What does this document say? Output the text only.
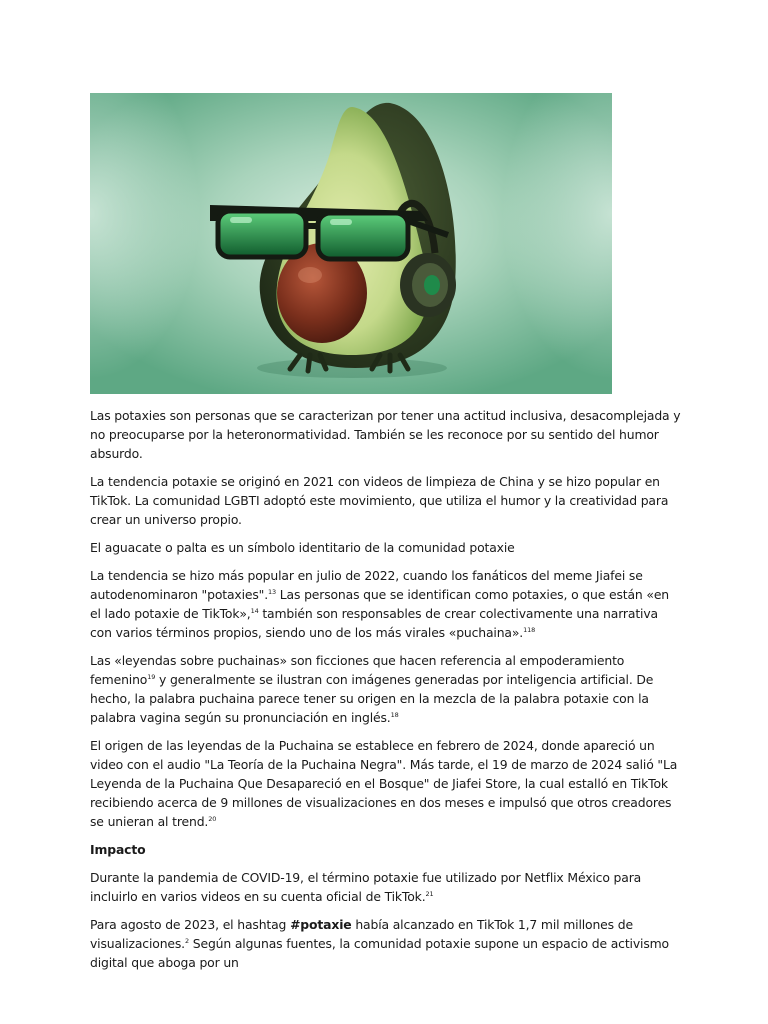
Las potaxies son personas que se caracterizan por tener una actitud inclusiva, desacomplejada y no preocuparse por la heteronormatividad. También se les reconoce por su sentido del humor absurdo.

La tendencia potaxie se originó en 2021 con videos de limpieza de China y se hizo popular en TikTok. La comunidad LGBTI adoptó este movimiento, que utiliza el humor y la creatividad para crear un universo propio.

El aguacate o palta es un símbolo identitario de la comunidad potaxie

La tendencia se hizo más popular en julio de 2022, cuando los fanáticos del meme Jiafei se autodenominaron "potaxies".$^{13}$ Las personas que se identifican como potaxies, o que están «en el lado potaxie de TikTok»,$^{14}$ también son responsables de crear colectivamente una narrativa con varios términos propios, siendo uno de los más virales «puchaina».$^{118}$

Las «leyendas sobre puchainas» son ficciones que hacen referencia al empoderamiento femenino$^{19}$ y generalmente se ilustran con imágenes generadas por inteligencia artificial. De hecho, la palabra puchaina parece tener su origen en la mezcla de la palabra potaxie con la palabra vagina según su pronunciación en inglés.$^{18}$

El origen de las leyendas de la Puchaina se establece en febrero de 2024, donde apareció un video con el audio "La Teoría de la Puchaina Negra". Más tarde, el 19 de marzo de 2024 salió "La Leyenda de la Puchaina Que Desapareció en el Bosque" de Jiafei Store, la cual estalló en TikTok recibiendo acerca de 9 millones de visualizaciones en dos meses e impulsó que otros creadores se unieran al trend.$^{20}$

Impacto

Durante la pandemia de COVID-19, el término potaxie fue utilizado por Netflix México para incluirlo en varios videos en su cuenta oficial de TikTok.$^{21}$

Para agosto de 2023, el hashtag #potaxie había alcanzado en TikTok 1,7 mil millones de visualizaciones.$^2$ Según algunas fuentes, la comunidad potaxie supone un espacio de activismo digital que aboga por un
